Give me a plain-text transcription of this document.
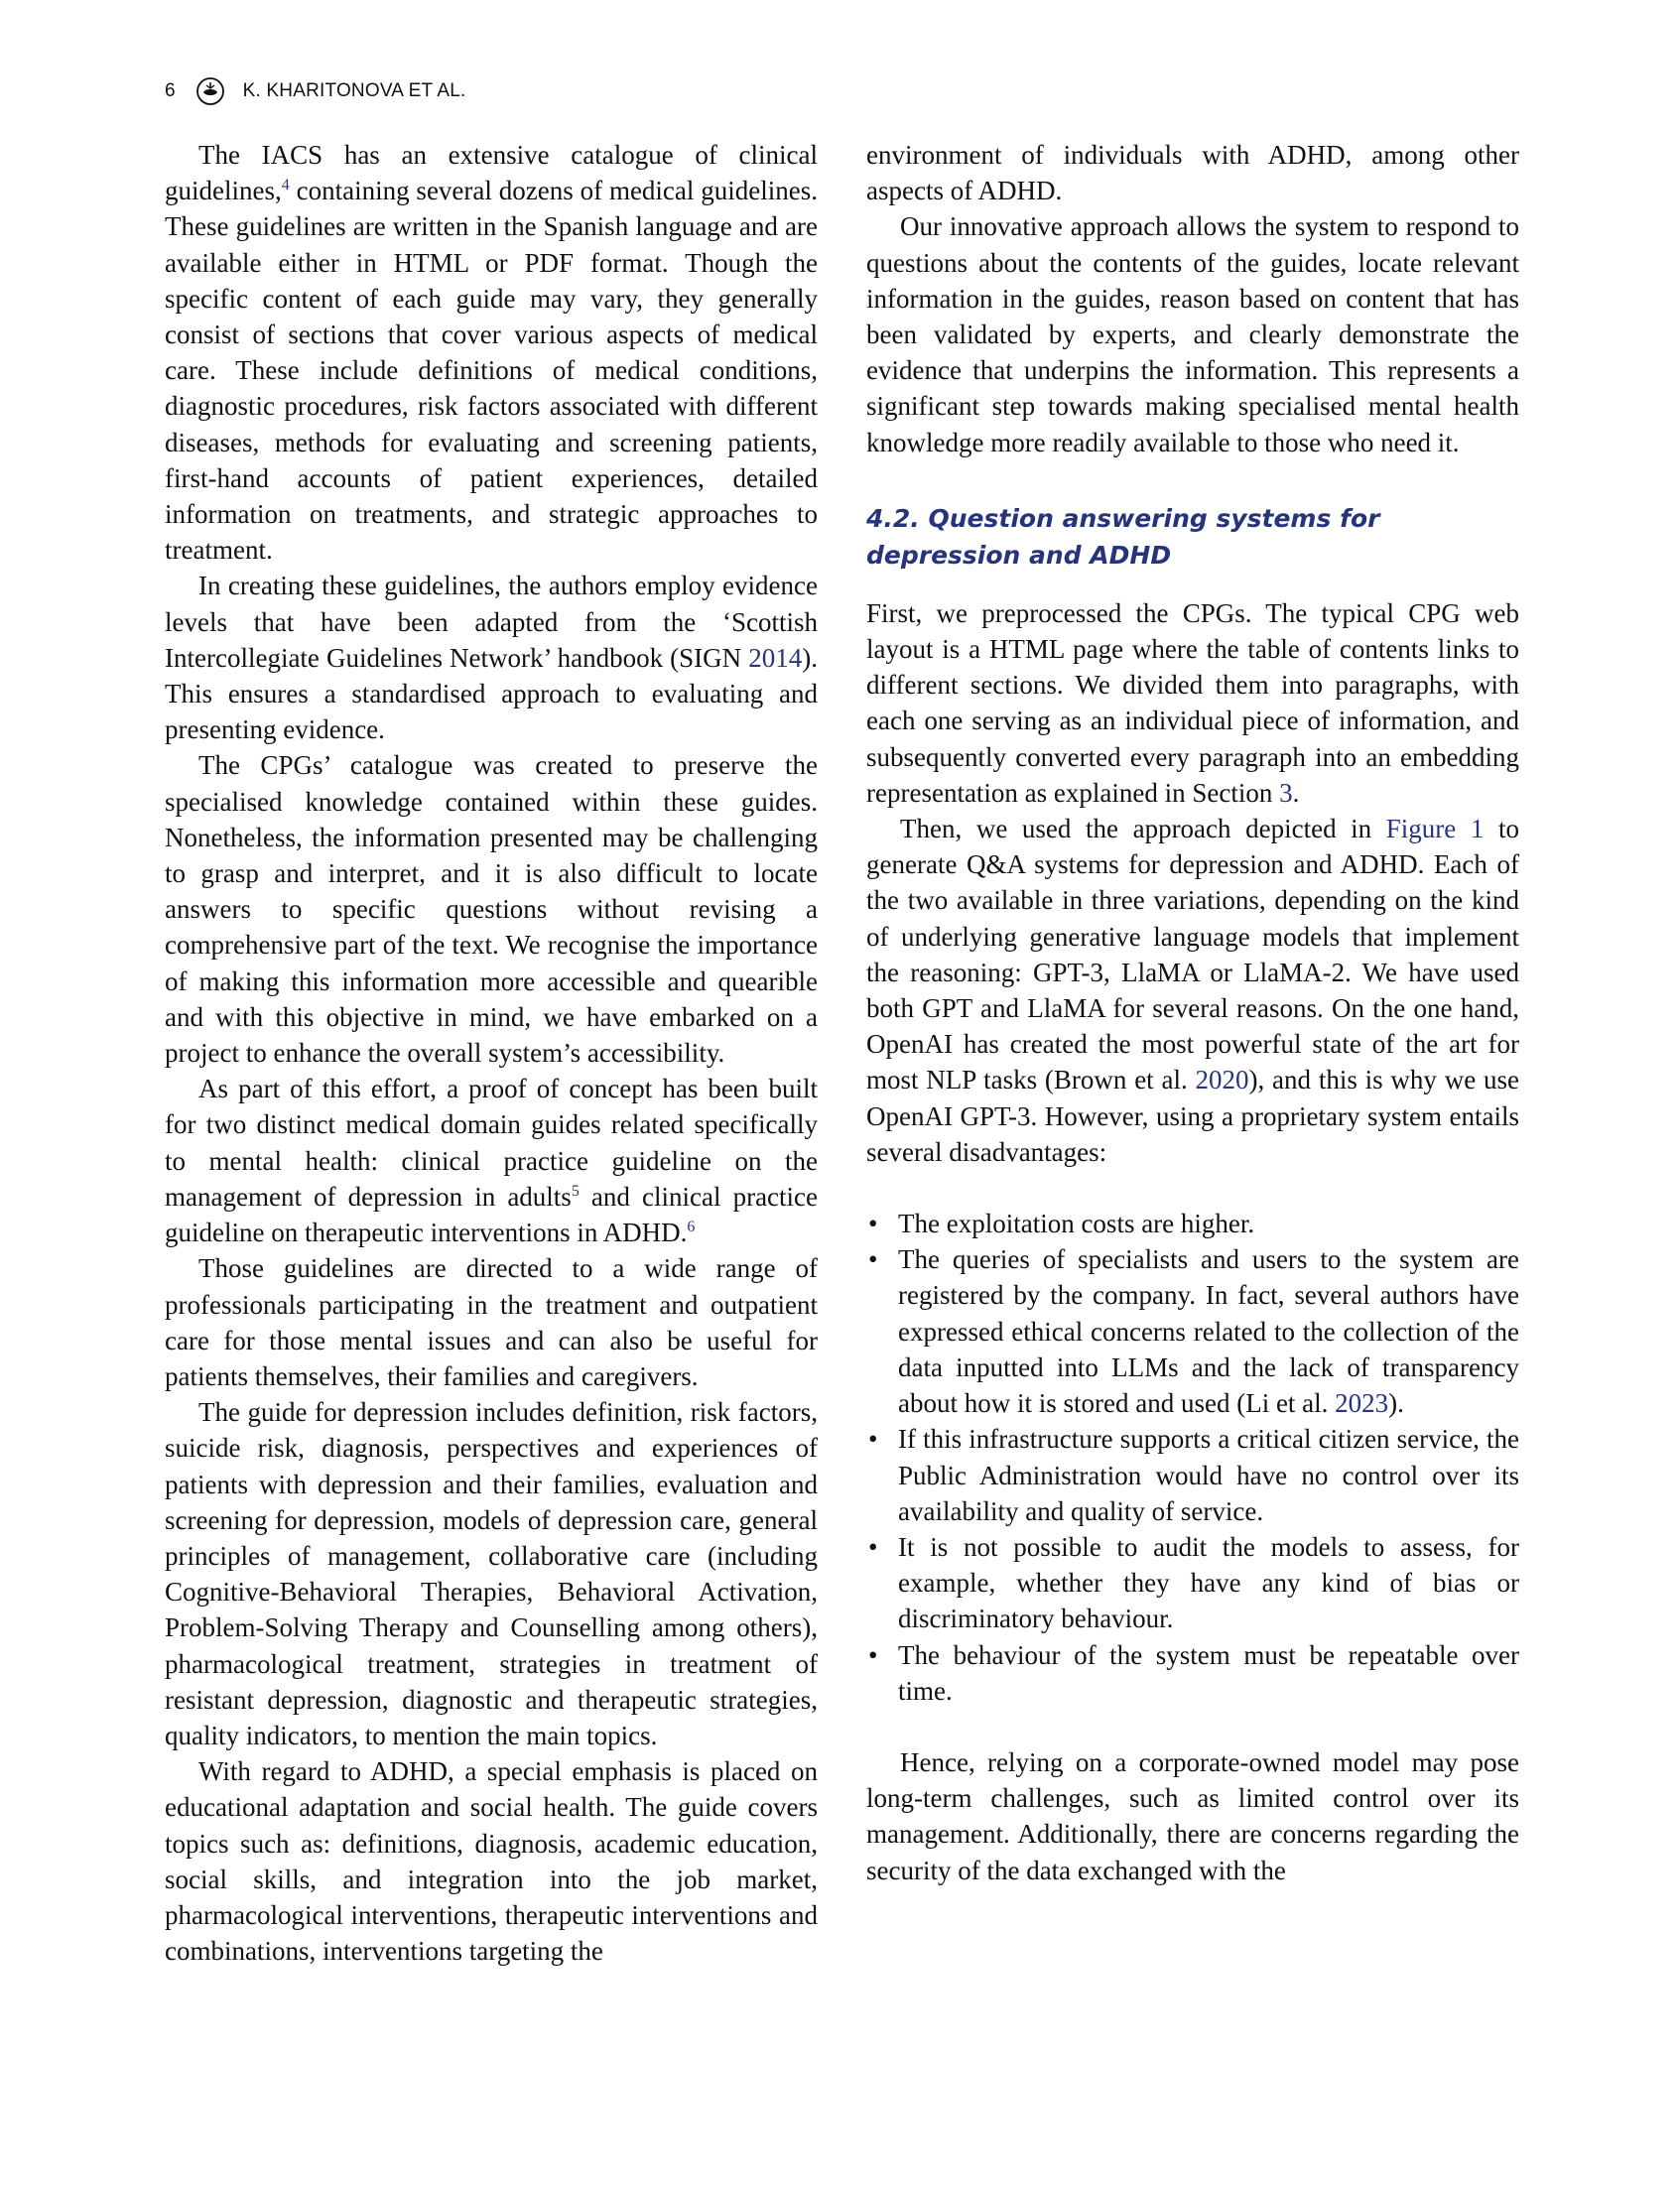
6	K. KHARITONOVA ET AL.

The IACS has an extensive catalogue of clinical guidelines,$^4$ containing several dozens of medical guidelines. These guidelines are written in the Spanish language and are available either in HTML or PDF format. Though the specific content of each guide may vary, they generally consist of sections that cover various aspects of medical care. These include definitions of medical conditions, diagnostic procedures, risk factors associated with different diseases, methods for evaluating and screening patients, first-hand accounts of patient experiences, detailed information on treatments, and strategic approaches to treatment.

In creating these guidelines, the authors employ evidence levels that have been adapted from the ‘Scottish Intercollegiate Guidelines Network’ handbook (SIGN 2014). This ensures a standardised approach to evaluating and presenting evidence.

The CPGs’ catalogue was created to preserve the specialised knowledge contained within these guides. Nonetheless, the information presented may be challenging to grasp and interpret, and it is also difficult to locate answers to specific questions without revising a comprehensive part of the text. We recognise the importance of making this information more accessible and quearible and with this objective in mind, we have embarked on a project to enhance the overall system’s accessibility.

As part of this effort, a proof of concept has been built for two distinct medical domain guides related specifically to mental health: clinical practice guideline on the management of depression in adults$^5$ and clinical practice guideline on therapeutic interventions in ADHD.$^6$

Those guidelines are directed to a wide range of professionals participating in the treatment and outpatient care for those mental issues and can also be useful for patients themselves, their families and caregivers.

The guide for depression includes definition, risk factors, suicide risk, diagnosis, perspectives and experiences of patients with depression and their families, evaluation and screening for depression, models of depression care, general principles of management, collaborative care (including Cognitive-Behavioral Therapies, Behavioral Activation, Problem-Solving Therapy and Counselling among others), pharmacological treatment, strategies in treatment of resistant depression, diagnostic and therapeutic strategies, quality indicators, to mention the main topics.

With regard to ADHD, a special emphasis is placed on educational adaptation and social health. The guide covers topics such as: definitions, diagnosis, academic education, social skills, and integration into the job market, pharmacological interventions, therapeutic interventions and combinations, interventions targeting the

environment of individuals with ADHD, among other aspects of ADHD.

Our innovative approach allows the system to respond to questions about the contents of the guides, locate relevant information in the guides, reason based on content that has been validated by experts, and clearly demonstrate the evidence that underpins the information. This represents a significant step towards making specialised mental health knowledge more readily available to those who need it.

4.2. Question answering systems for depression and ADHD

First, we preprocessed the CPGs. The typical CPG web layout is a HTML page where the table of contents links to different sections. We divided them into paragraphs, with each one serving as an individual piece of information, and subsequently converted every paragraph into an embedding representation as explained in Section 3.

Then, we used the approach depicted in Figure 1 to generate Q&A systems for depression and ADHD. Each of the two available in three variations, depending on the kind of underlying generative language models that implement the reasoning: GPT-3, LlaMA or LlaMA-2. We have used both GPT and LlaMA for several reasons. On the one hand, OpenAI has created the most powerful state of the art for most NLP tasks (Brown et al. 2020), and this is why we use OpenAI GPT-3. However, using a proprietary system entails several disadvantages:

• The exploitation costs are higher.
• The queries of specialists and users to the system are registered by the company. In fact, several authors have expressed ethical concerns related to the collection of the data inputted into LLMs and the lack of transparency about how it is stored and used (Li et al. 2023).
• If this infrastructure supports a critical citizen service, the Public Administration would have no control over its availability and quality of service.
• It is not possible to audit the models to assess, for example, whether they have any kind of bias or discriminatory behaviour.
• The behaviour of the system must be repeatable over time.

Hence, relying on a corporate-owned model may pose long-term challenges, such as limited control over its management. Additionally, there are concerns regarding the security of the data exchanged with the
